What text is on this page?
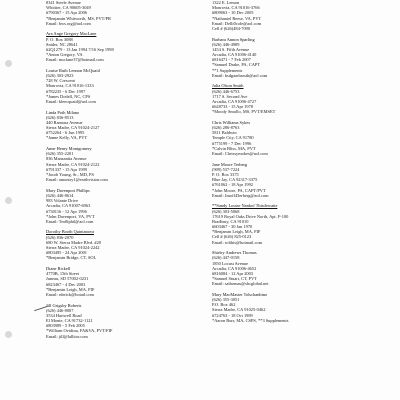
8341 Steele Avenue
Whittier, CA 90605-3049
#790367 - 15 Apr 2006
*Benjamin Whitworth, MS, PVT/PR
Email: bws.org@aol.com
Ara Ange Gregory MacLane
P. O. Box 3088
Snider, NC 28641
#2Q1279 - 13 Jan 1994 7/16 Sep 1998
*Anton Gregory, VA
Email: msclane37@hotmail.com
Louise Ruth Lennon McQuaid
(626) 303-2923
728 W. Crescent
Monrovia, CA 91016-1333
#782235 - 6 Dec 1997
*James Dodell, NC, CPS
Email: kleecquaid@aol.com
Linda Poth Milano
(626) 836-8513
440 Ramona Avenue
Sierra Madre, CA 91024-2127
#752264 - 6 Jun 1995
*Janne Kelly, VA, PVT
Anne Henry Montgomery
(626) 355-2201
836 Manzanita Avenue
Sierra Madre, CA 91024-2122
#791337 - 15 Apr 1999
*Jacob Young, Sr., MD, PS
Email: amontry1@earthvision.com
Mary Davenport Phillips
(626) 446-8614
983 Volante Drive
Arcadia, CA 91007-6963
#730116 - 12 Apr 1996
*John Davenport, VA, PVT
Email: Tm0fphil@aol.com
Dorothy Booth Quintanova
(626) 836-2070
680 W. Sierra Madre Blvd. #20
Sierra Madre, CA 91024-2242
#803495 - 24 Apr 2001
*Benjamin Bridge, CT, SOL
Diane Rickell
4770B, 15th Street
Juneau, SD 57002-0231
#823467 - 4 Dec 2003
*Benjamin Leigh, MA, FIF
Email: rderick@hotail.com
Jill Grigsby Roberts
(626) 446-8007
3534 Hartwell Road
El Monte, CA 91732-1121
#803989 - 5 Feb 2005
*William Ovidina, FA&VA, PVT/FIF
Email: jill@lallitor.com
1322 E. Lemon
Monrovia, CA 91016-3766
#809063 - 10 Dec 2005
*Nathaniel Reese, VA, PVT
Email: Delli0cole@aol.com
Cell # (626)484-7090
Barbara Annon Sparling
(626) 446-4989
1454 S. Fifth Avenue
Arcadia, CA 91006-4140
#816471 - 7 Feb 2007
*Samuel Drake, PA, CAPT
**1 Supplements
Email: bsdgaarbarsth@aol.com
Julia Olson Smith
(626) 446-6753
1717 S. Second Ave
Arcadia, CA 91006-4727
#628733 - 15 Apr 1978
*Moody Smollo, MS, PVT/EMSET
Chris Williams Sykes
(626) 286-8763
5811 Baldwin
Temple City, CA 91780
#775199 - 7 Dec 1996
*Calvin Bliss, MA, PVT
Email: Chrissymokes@aol.com
Jane Moore Terberg
(909) 537-7224
P. O. Box 3375
Blue Jay, CA 92317-3375
#761062 - 18 Apr 1992
*John Moore, PA, CAPT/PVT
Email: Jmoff43erberg@aol.com
**Sandy Louise Nankof Thistlewaite
(626) 303-5068
17619 Royal Oaks Drive North, Apt. F-100
Bradbury, CA 91010
#603467 - 30 Jan 1970
*Benjamin Leigh, MA, FIF
Cell # (626) 825-0123
Email: rolthis@hotmail.com
Shirley Andrews Thomas
(626) 447-0158
1850 Locust Avenue
Arcadia, CA 91006-4652
#816084 - 12 Apr 2003
*Samuel Stuart, CT, PVT
Email: sathomas@sbcglobal.net
Mary MacMaster Tolschanbino
(626) 355-3051
P.O. Box 462
Sierra Madre, CA 91025-0462
#724763 - 18 Oct 1989
*Aaron Burr, MA, CSPS, **3 Supplements
